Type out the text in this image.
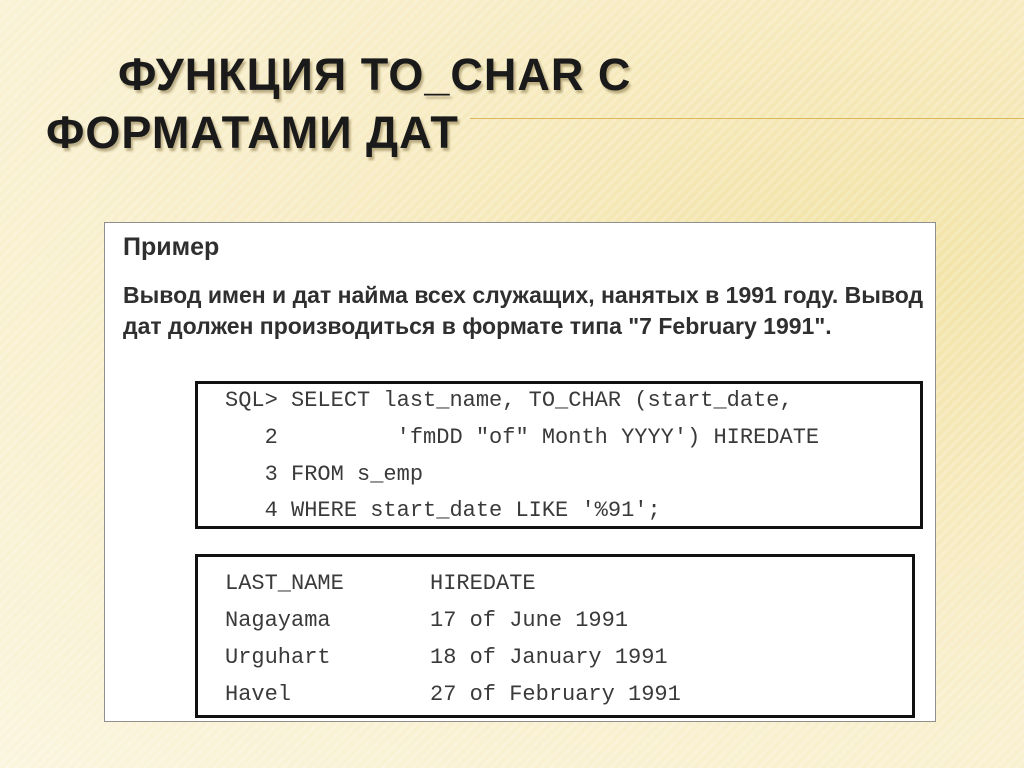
ФУНКЦИЯ TO_CHAR С
ФОРМАТАМИ ДАТ
Пример

Вывод имен и дат найма всех служащих, нанятых в 1991 году. Вывод дат должен производиться в формате типа "7 February 1991".

SQL> SELECT last_name, TO_CHAR (start_date,
2         'fmDD "of" Month YYYY') HIREDATE
3 FROM s_emp
4 WHERE start_date LIKE '%91';
LAST_NAME	HIREDATE
Nagayama	17 of June 1991
Urguhart	18 of January 1991
Havel	27 of February 1991
